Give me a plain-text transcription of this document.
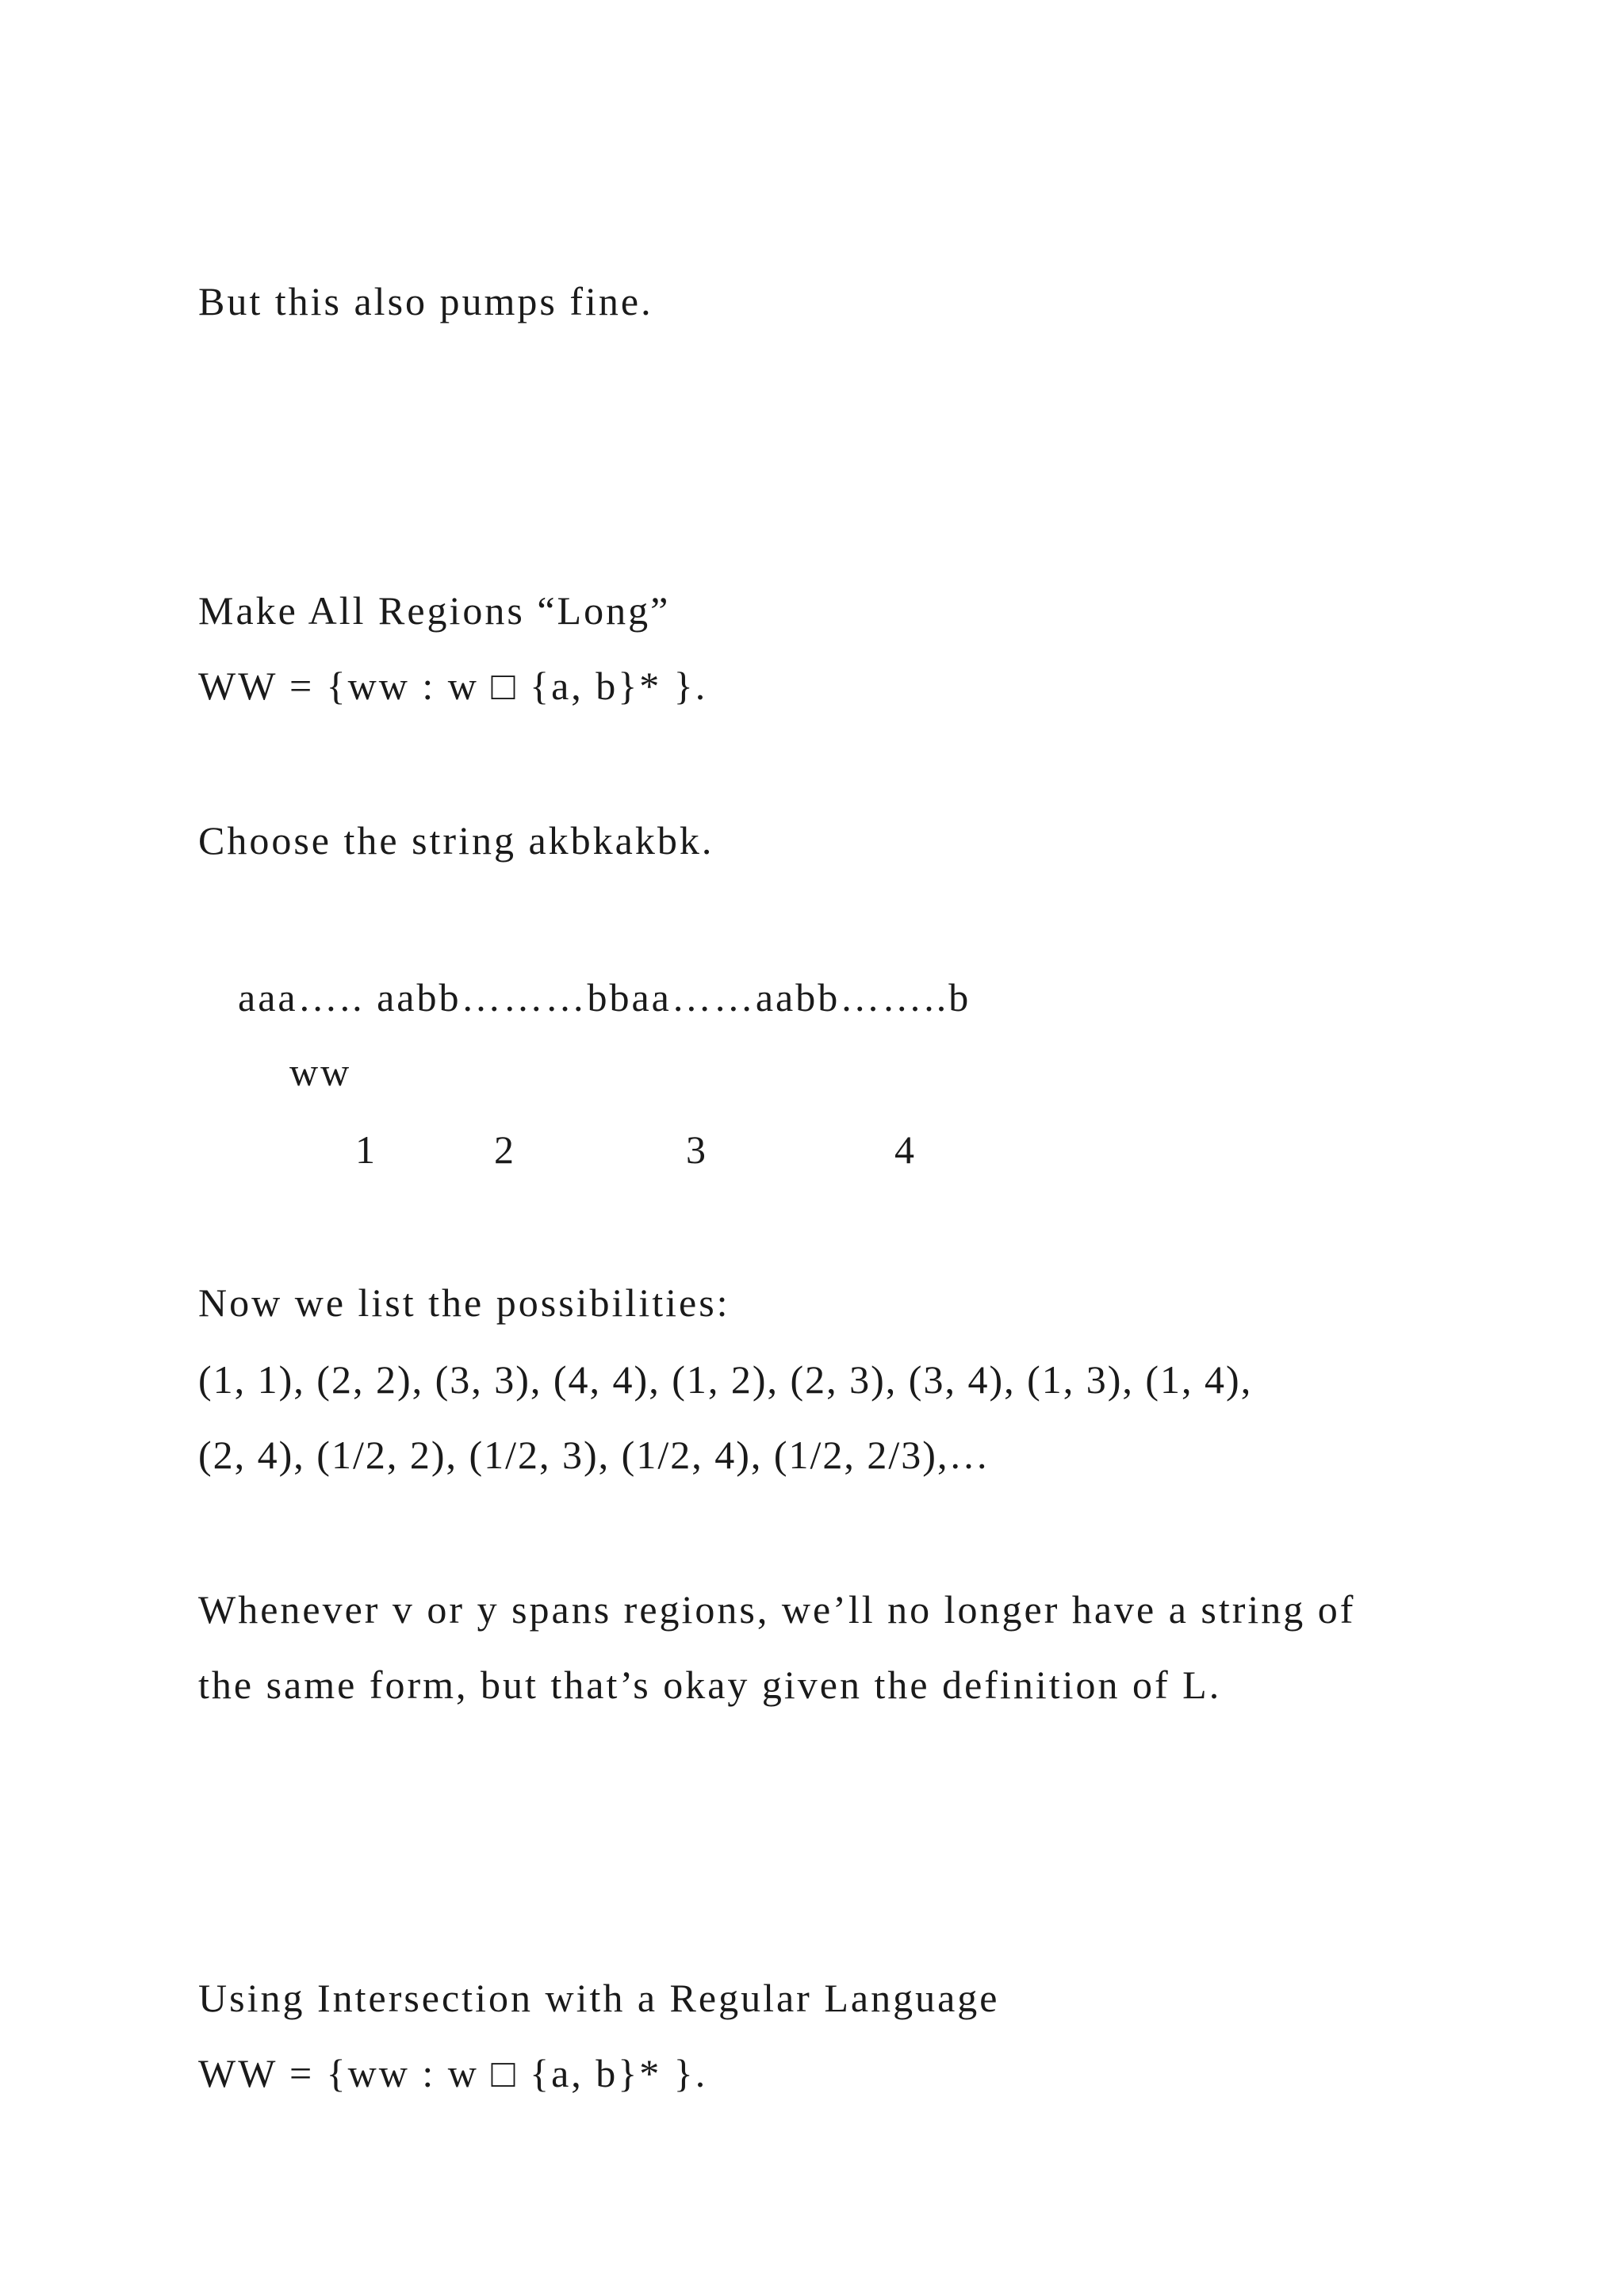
But this also pumps fine.
Make All Regions “Long”
WW = {ww : w □ {a, b}* }.
Choose the string akbkakbk.
aaa….. aabb………bbaa……aabb……..b
ww
1	2	3	4
Now we list the possibilities:
(1, 1), (2, 2), (3, 3), (4, 4), (1, 2), (2, 3), (3, 4), (1, 3), (1, 4),
(2, 4), (1/2, 2), (1/2, 3), (1/2, 4), (1/2, 2/3),…
Whenever v or y spans regions, we’ll no longer have a string of
the same form, but that’s okay given the definition of L.
Using Intersection with a Regular Language
WW = {ww : w □ {a, b}* }.
